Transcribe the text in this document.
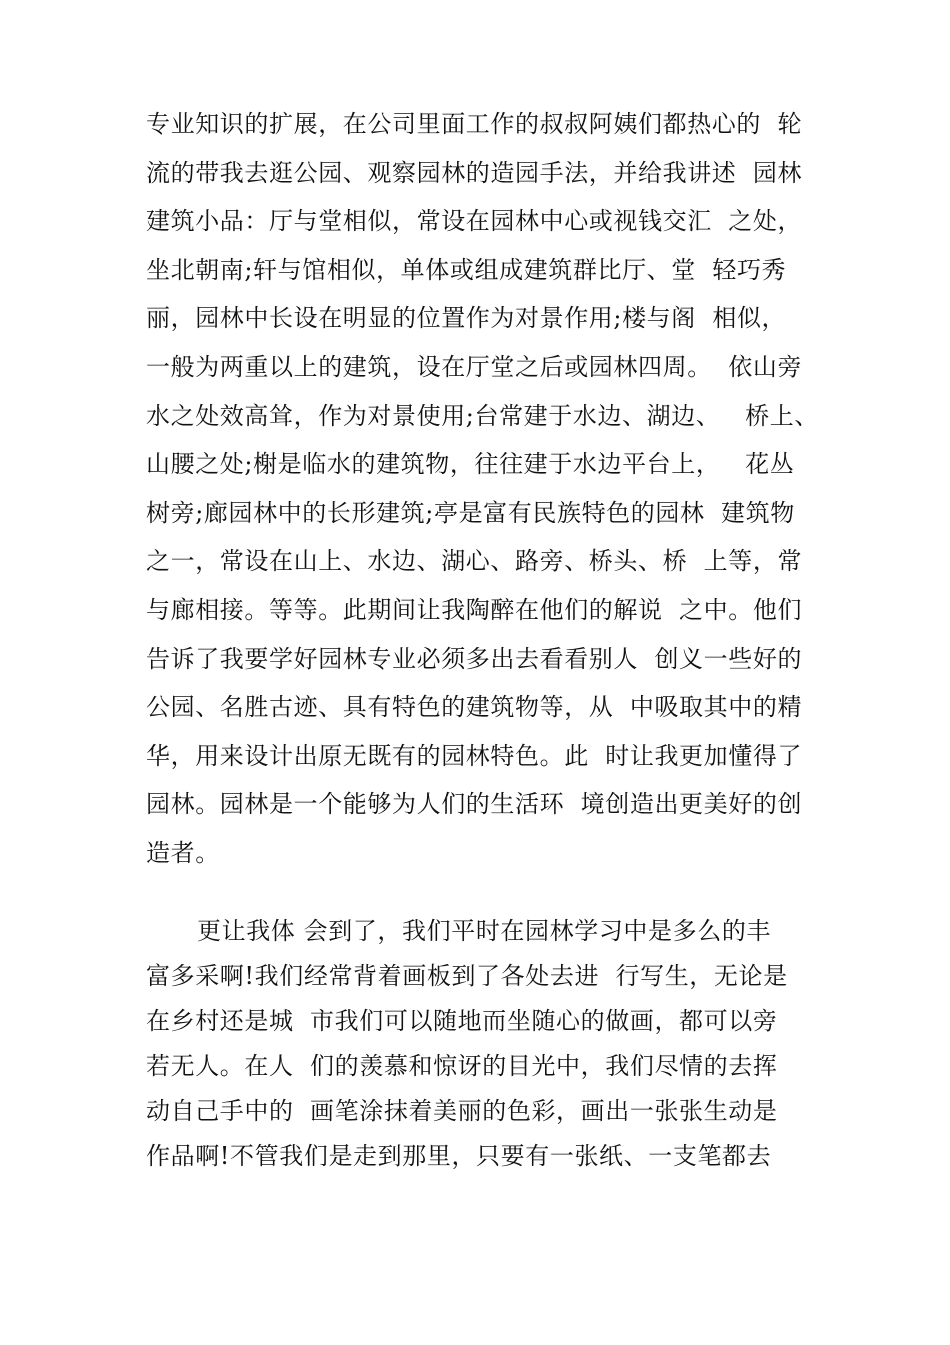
专业知识的扩展，在公司里面工作的叔叔阿姨们都热心的  轮
流的带我去逛公园、观察园林的造园手法，并给我讲述  园林
建筑小品：厅与堂相似，常设在园林中心或视钱交汇  之处，
坐北朝南;轩与馆相似，单体或组成建筑群比厅、堂  轻巧秀
丽，园林中长设在明显的位置作为对景作用;楼与阁  相似，
一般为两重以上的建筑，设在厅堂之后或园林四周。  依山旁
水之处效高耸，作为对景使用;台常建于水边、湖边、   桥上、
山腰之处;榭是临水的建筑物，往往建于水边平台上，   花丛
树旁;廊园林中的长形建筑;亭是富有民族特色的园林  建筑物
之一，常设在山上、水边、湖心、路旁、桥头、桥  上等，常
与廊相接。等等。此期间让我陶醉在他们的解说  之中。他们
告诉了我要学好园林专业必须多出去看看别人  创义一些好的
公园、名胜古迹、具有特色的建筑物等，从  中吸取其中的精
华，用来设计出原无既有的园林特色。此  时让我更加懂得了
园林。园林是一个能够为人们的生活环  境创造出更美好的创
造者。
更让我体 会到了，我们平时在园林学习中是多么的丰
富多采啊!我们经常背着画板到了各处去进  行写生，无论是
在乡村还是城  市我们可以随地而坐随心的做画，都可以旁
若无人。在人  们的羡慕和惊讶的目光中，我们尽情的去挥
动自己手中的  画笔涂抹着美丽的色彩，画出一张张生动是
作品啊!不管我们是走到那里，只要有一张纸、一支笔都去
